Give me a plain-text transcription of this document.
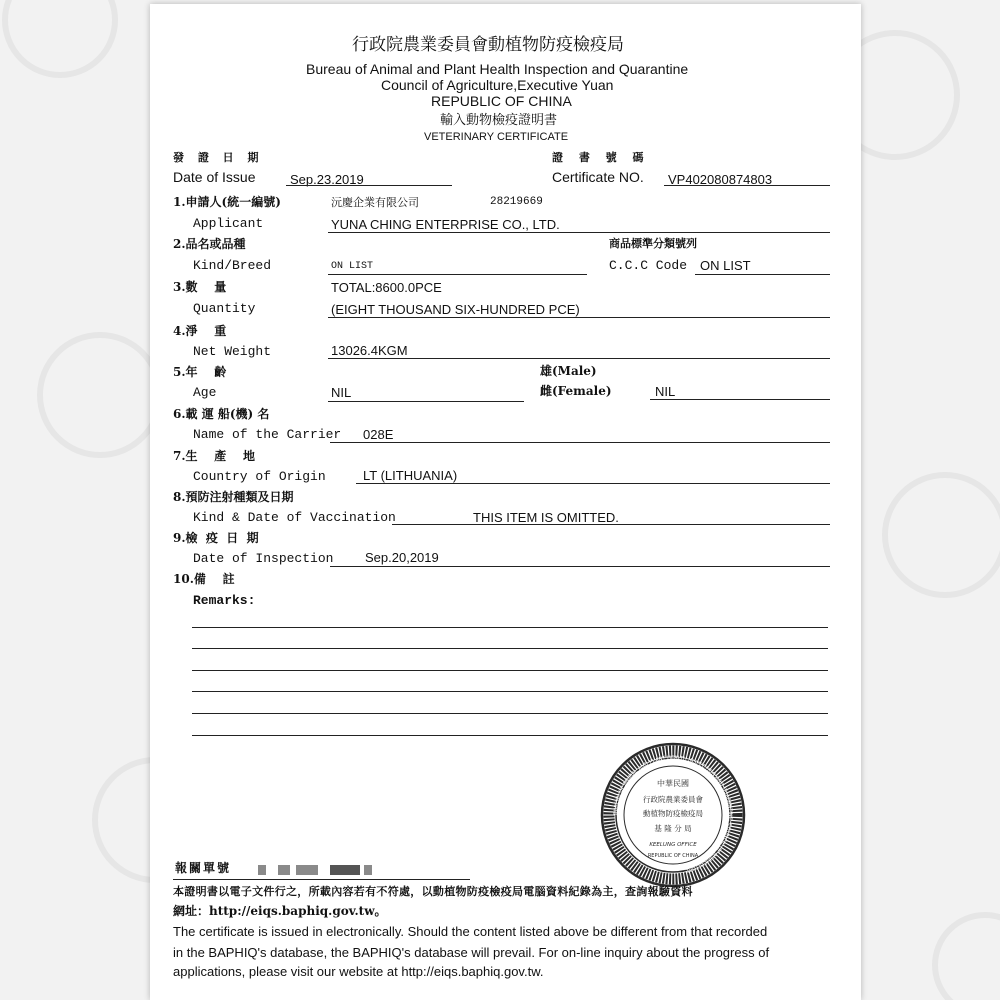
行政院農業委員會動植物防疫檢疫局
Bureau of Animal and Plant Health Inspection and Quarantine
Council of Agriculture,Executive Yuan
REPUBLIC OF CHINA
輸入動物檢疫證明書
VETERINARY CERTIFICATE
發 證 日 期
Date of Issue	Sep.23.2019
證 書 號 碼
Certificate NO. VP402080874803
1.申請人(統一編號)	沅慶企業有限公司	28219669
Applicant	YUNA CHING ENTERPRISE CO., LTD.
2.品名或品種	商品標準分類號列
Kind/Breed	ON LIST	C.C.C Code ON LIST
3.數    量	TOTAL:8600.0PCE
Quantity	(EIGHT THOUSAND SIX-HUNDRED PCE)
4.淨    重
Net Weight	13026.4KGM
5.年    齡	雄(Male)
Age	NIL	雌(Female)	NIL
6.載 運 船(機) 名
Name of the Carrier 028E
7.生    產    地
Country of Origin	LT (LITHUANIA)
8.預防注射種類及日期
Kind & Date of Vaccination	THIS ITEM IS OMITTED.
9.檢  疫  日  期
Date of Inspection Sep.20,2019
10.備    註
Remarks:
BUREAU OF ANIMAL AND PLANT HEALTH INSPECTION AND QUARANTINE, COUNCIL OF AGRICULTURE
中華民國
行政院農業委員會
動植物防疫檢疫局
基 隆 分 局
KEELUNG OFFICE
REPUBLIC OF CHINA
報關單號
本證明書以電子文件行之，所載內容若有不符處，以動植物防疫檢疫局電腦資料紀錄為主，查詢報驗資料
網址：http://eiqs.baphiq.gov.tw。
The certificate is issued in electronically. Should the content listed above be different from that recorded
in the BAPHIQ's database, the BAPHIQ's database will prevail. For on-line inquiry about the progress of
applications, please visit our website at http://eiqs.baphiq.gov.tw.
